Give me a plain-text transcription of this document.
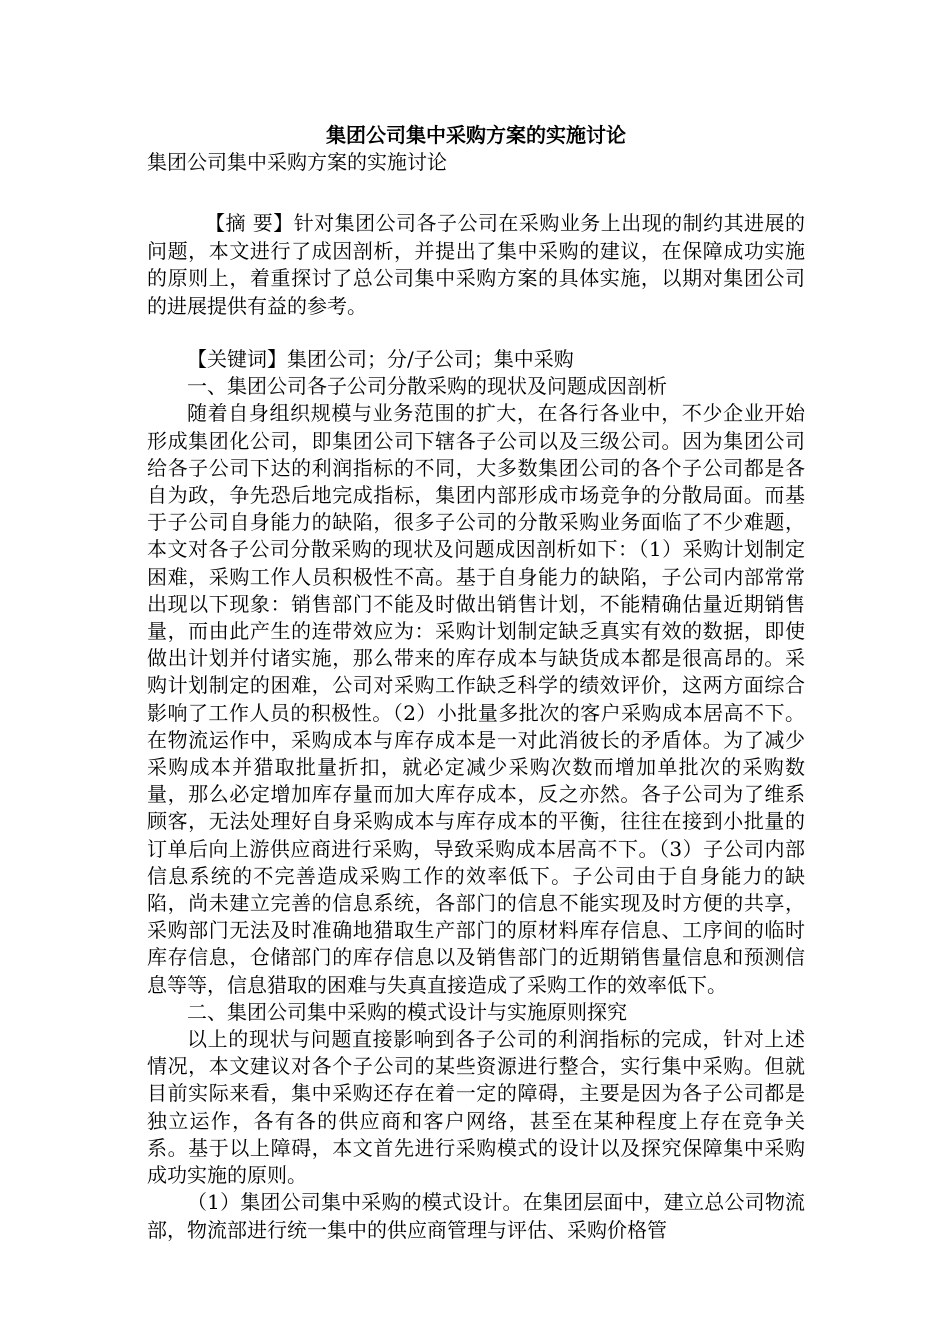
集团公司集中采购方案的实施讨论

集团公司集中采购方案的实施讨论

【摘 要】针对集团公司各子公司在采购业务上出现的制约其进展的问题，本文进行了成因剖析，并提出了集中采购的建议，在保障成功实施的原则上，着重探讨了总公司集中采购方案的具体实施，以期对集团公司的进展提供有益的参考。

【关键词】集团公司；分/子公司；集中采购

一、集团公司各子公司分散采购的现状及问题成因剖析

随着自身组织规模与业务范围的扩大，在各行各业中，不少企业开始形成集团化公司，即集团公司下辖各子公司以及三级公司。因为集团公司给各子公司下达的利润指标的不同，大多数集团公司的各个子公司都是各自为政，争先恐后地完成指标，集团内部形成市场竞争的分散局面。而基于子公司自身能力的缺陷，很多子公司的分散采购业务面临了不少难题，本文对各子公司分散采购的现状及问题成因剖析如下：（1）采购计划制定困难，采购工作人员积极性不高。基于自身能力的缺陷，子公司内部常常出现以下现象：销售部门不能及时做出销售计划，不能精确估量近期销售量，而由此产生的连带效应为：采购计划制定缺乏真实有效的数据，即使做出计划并付诸实施，那么带来的库存成本与缺货成本都是很高昂的。采购计划制定的困难，公司对采购工作缺乏科学的绩效评价，这两方面综合影响了工作人员的积极性。（2）小批量多批次的客户采购成本居高不下。在物流运作中，采购成本与库存成本是一对此消彼长的矛盾体。为了减少采购成本并猎取批量折扣，就必定减少采购次数而增加单批次的采购数量，那么必定增加库存量而加大库存成本，反之亦然。各子公司为了维系顾客，无法处理好自身采购成本与库存成本的平衡，往往在接到小批量的订单后向上游供应商进行采购，导致采购成本居高不下。（3）子公司内部信息系统的不完善造成采购工作的效率低下。子公司由于自身能力的缺陷，尚未建立完善的信息系统，各部门的信息不能实现及时方便的共享，采购部门无法及时准确地猎取生产部门的原材料库存信息、工序间的临时库存信息，仓储部门的库存信息以及销售部门的近期销售量信息和预测信息等等，信息猎取的困难与失真直接造成了采购工作的效率低下。

二、集团公司集中采购的模式设计与实施原则探究

以上的现状与问题直接影响到各子公司的利润指标的完成，针对上述情况，本文建议对各个子公司的某些资源进行整合，实行集中采购。但就目前实际来看，集中采购还存在着一定的障碍，主要是因为各子公司都是独立运作，各有各的供应商和客户网络，甚至在某种程度上存在竞争关系。基于以上障碍，本文首先进行采购模式的设计以及探究保障集中采购成功实施的原则。

（1）集团公司集中采购的模式设计。在集团层面中，建立总公司物流部，物流部进行统一集中的供应商管理与评估、采购价格管
